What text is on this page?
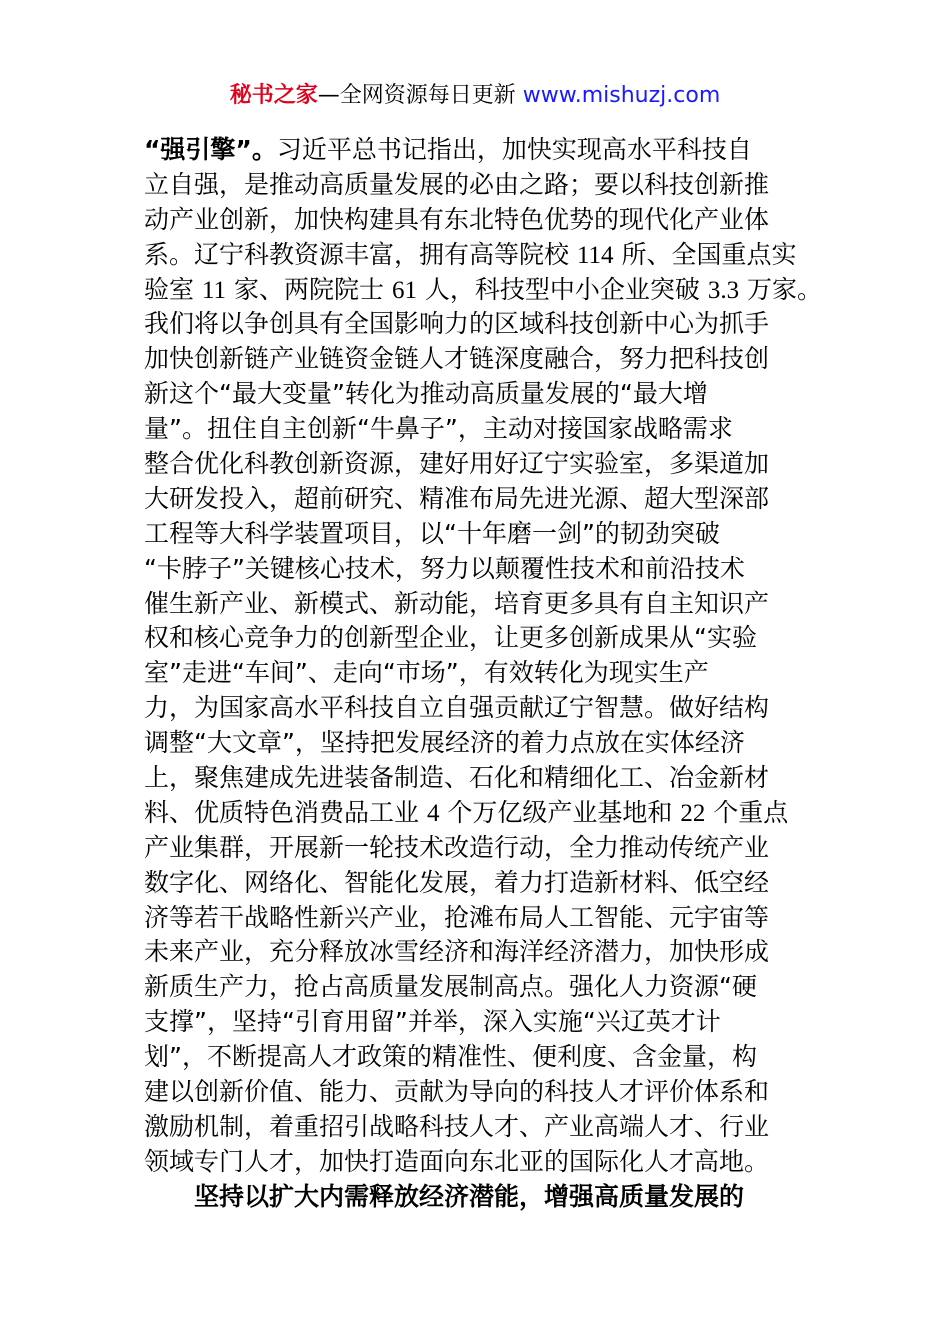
秘书之家—全网资源每日更新 www.mishuzj.com
“强引擎”。习近平总书记指出，加快实现高水平科技自
立自强，是推动高质量发展的必由之路；要以科技创新推
动产业创新，加快构建具有东北特色优势的现代化产业体
系。辽宁科教资源丰富，拥有高等院校 114 所、全国重点实
验室 11 家、两院院士 61 人，科技型中小企业突破 3.3 万家。
我们将以争创具有全国影响力的区域科技创新中心为抓手
加快创新链产业链资金链人才链深度融合，努力把科技创
新这个“最大变量”转化为推动高质量发展的“最大增
量”。扭住自主创新“牛鼻子”，主动对接国家战略需求
整合优化科教创新资源，建好用好辽宁实验室，多渠道加
大研发投入，超前研究、精准布局先进光源、超大型深部
工程等大科学装置项目，以“十年磨一剑”的韧劲突破
“卡脖子”关键核心技术，努力以颠覆性技术和前沿技术
催生新产业、新模式、新动能，培育更多具有自主知识产
权和核心竞争力的创新型企业，让更多创新成果从“实验
室”走进“车间”、走向“市场”，有效转化为现实生产
力，为国家高水平科技自立自强贡献辽宁智慧。做好结构
调整“大文章”，坚持把发展经济的着力点放在实体经济
上，聚焦建成先进装备制造、石化和精细化工、冶金新材
料、优质特色消费品工业 4 个万亿级产业基地和 22 个重点
产业集群，开展新一轮技术改造行动，全力推动传统产业
数字化、网络化、智能化发展，着力打造新材料、低空经
济等若干战略性新兴产业，抢滩布局人工智能、元宇宙等
未来产业，充分释放冰雪经济和海洋经济潜力，加快形成
新质生产力，抢占高质量发展制高点。强化人力资源“硬
支撑”，坚持“引育用留”并举，深入实施“兴辽英才计
划”，不断提高人才政策的精准性、便利度、含金量，构
建以创新价值、能力、贡献为导向的科技人才评价体系和
激励机制，着重招引战略科技人才、产业高端人才、行业
领域专门人才，加快打造面向东北亚的国际化人才高地。
坚持以扩大内需释放经济潜能，增强高质量发展的
